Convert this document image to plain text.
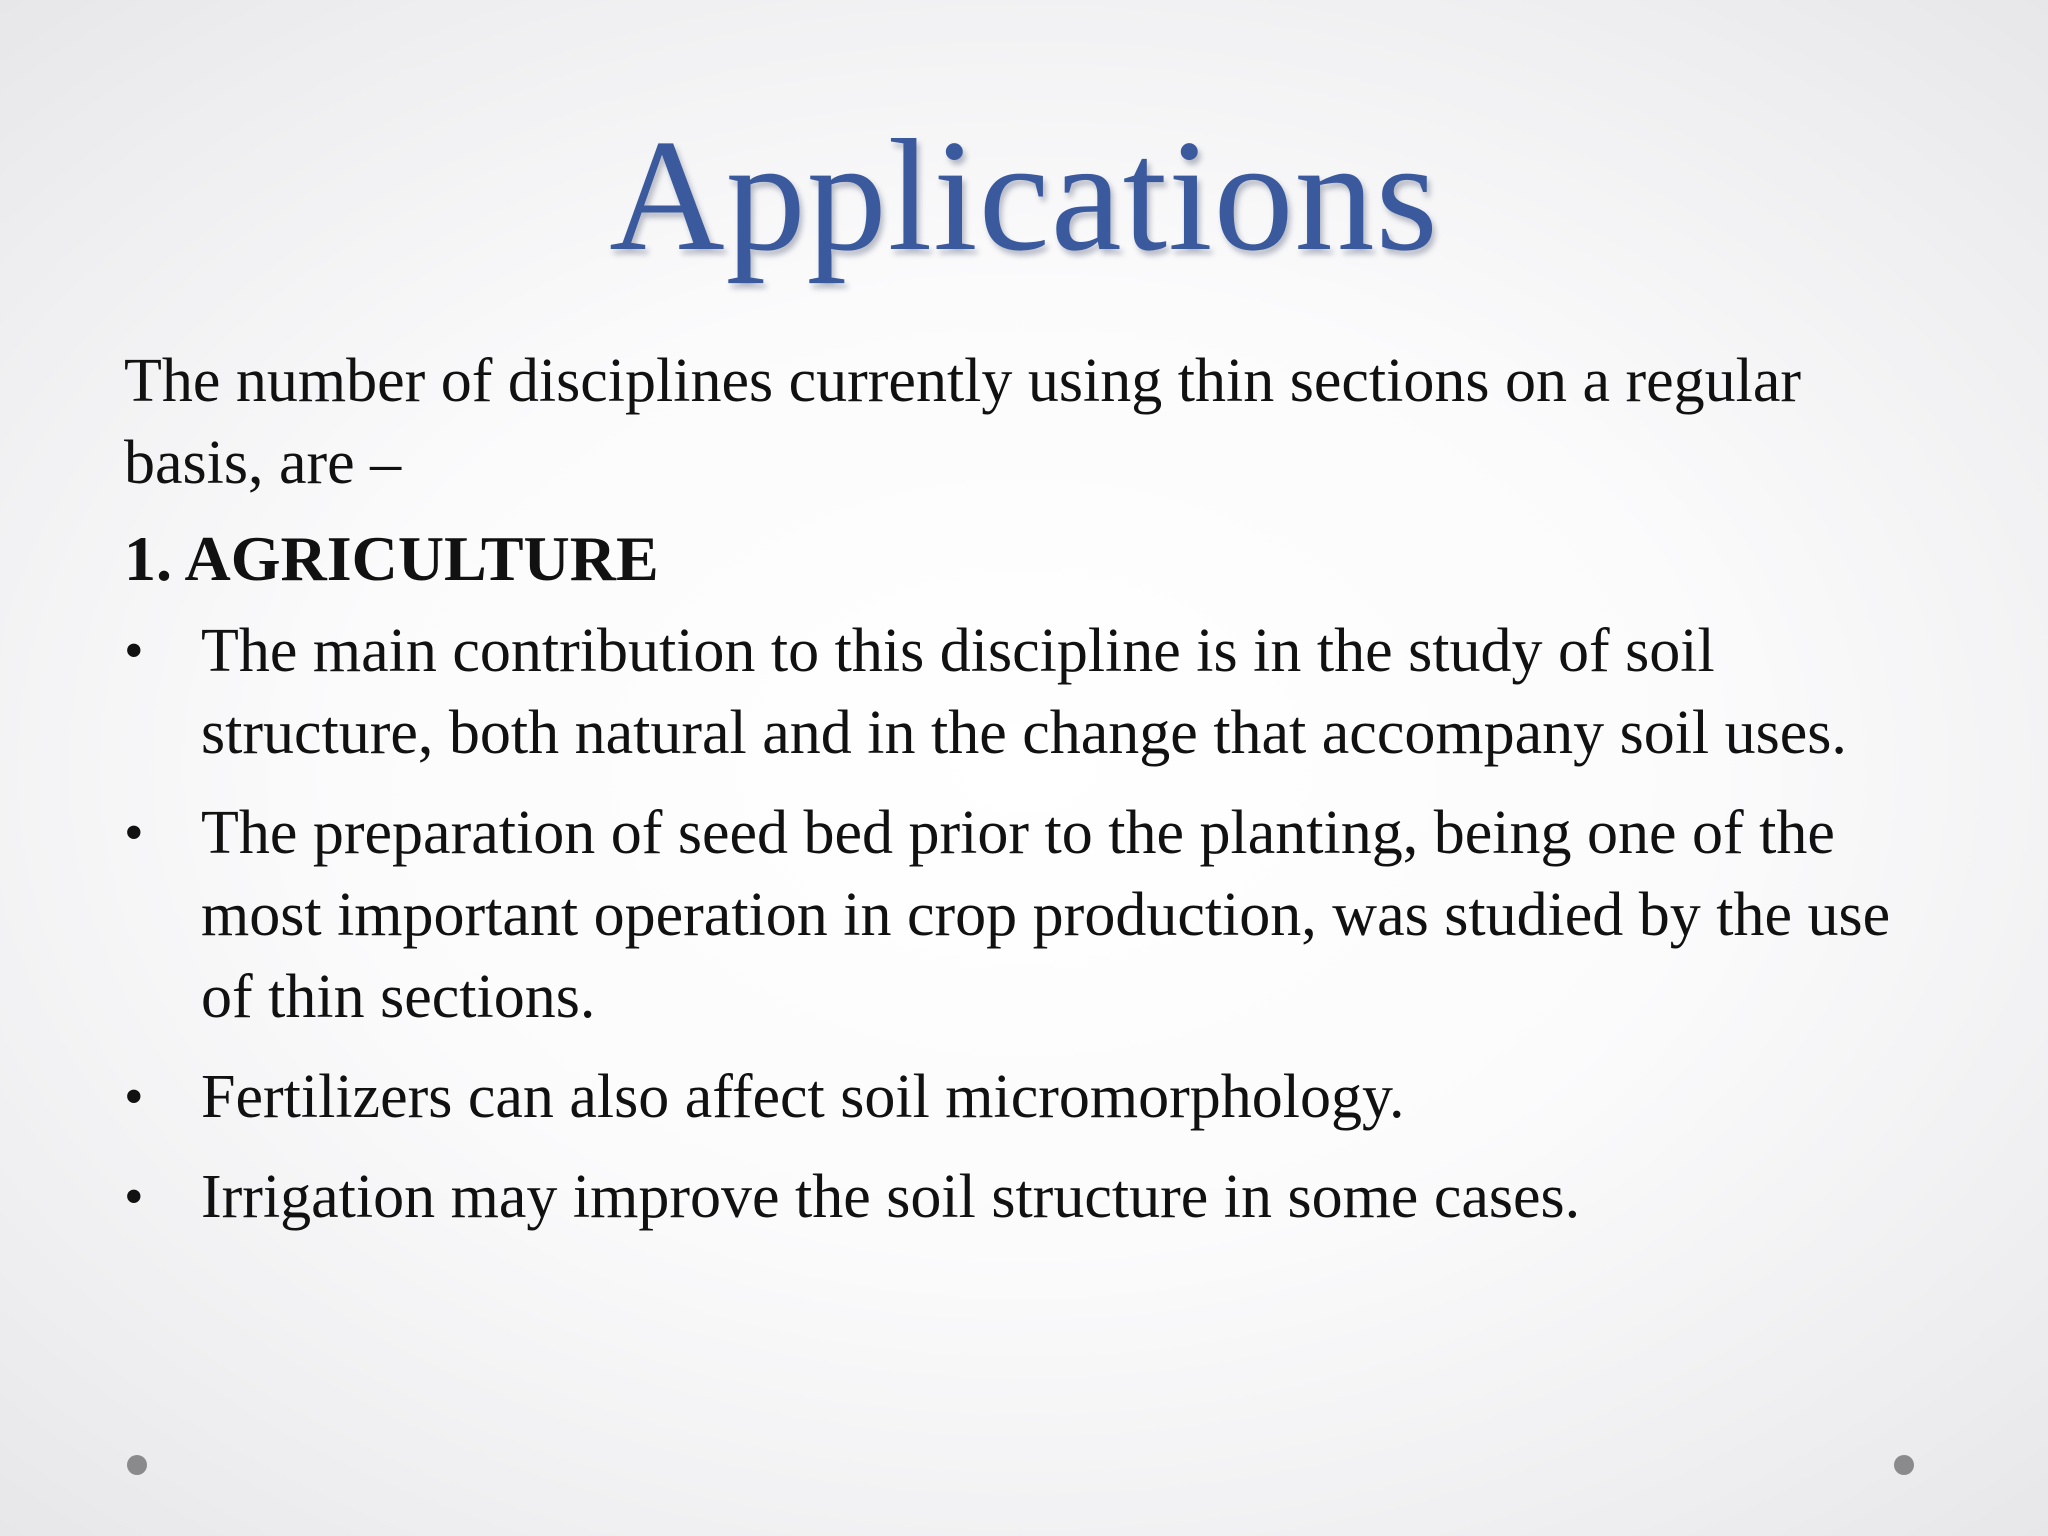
Applications

The number of disciplines currently using thin sections on a regular basis, are –

1. AGRICULTURE

• The main contribution to this discipline is in the study of soil structure, both natural and in the change that accompany soil uses.
• The preparation of seed bed prior to the planting, being one of the most important operation in crop production, was studied by the use of thin sections.
• Fertilizers can also affect soil micromorphology.
• Irrigation may improve the soil structure in some cases.
